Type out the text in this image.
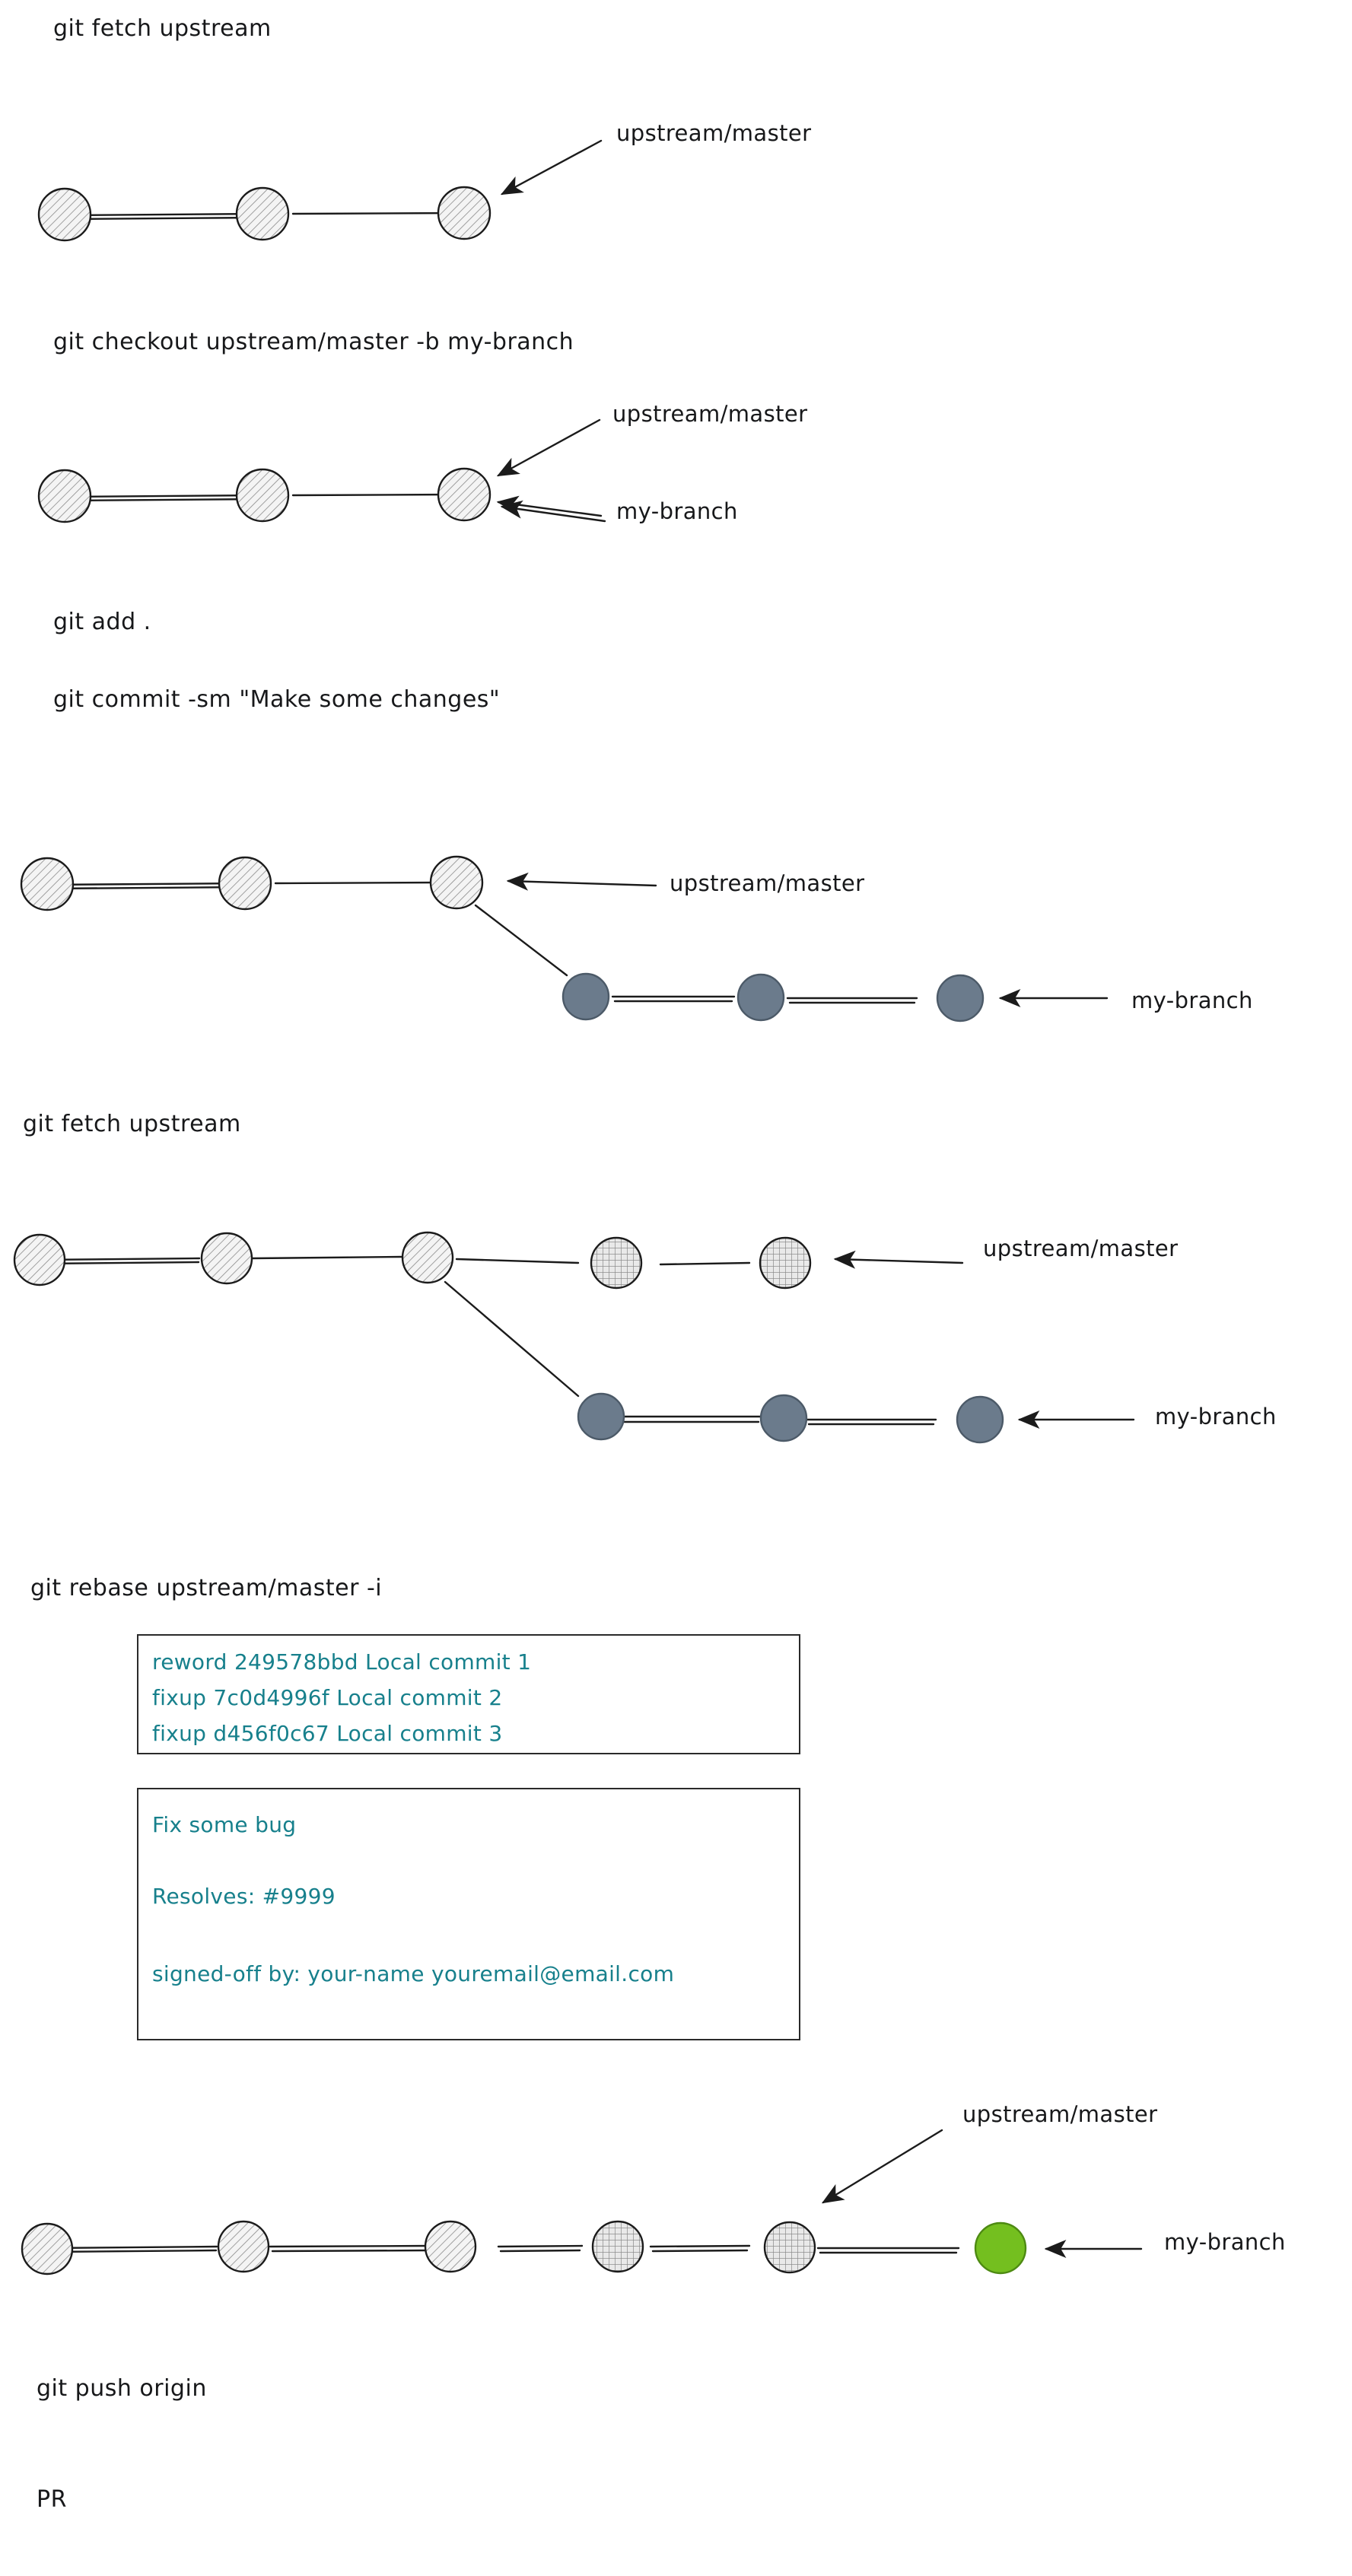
git fetch upstream
git checkout upstream/master -b my-branch
git add .
git commit -sm "Make some changes"
git fetch upstream
git rebase upstream/master -i
git push origin
PR
upstream/master
upstream/master
my-branch
upstream/master
my-branch
upstream/master
my-branch
upstream/master
my-branch
reword 249578bbd Local commit 1
fixup 7c0d4996f Local commit 2
fixup d456f0c67 Local commit 3
Fix some bug
Resolves: #9999
signed-off by: your-name youremail@email.com
